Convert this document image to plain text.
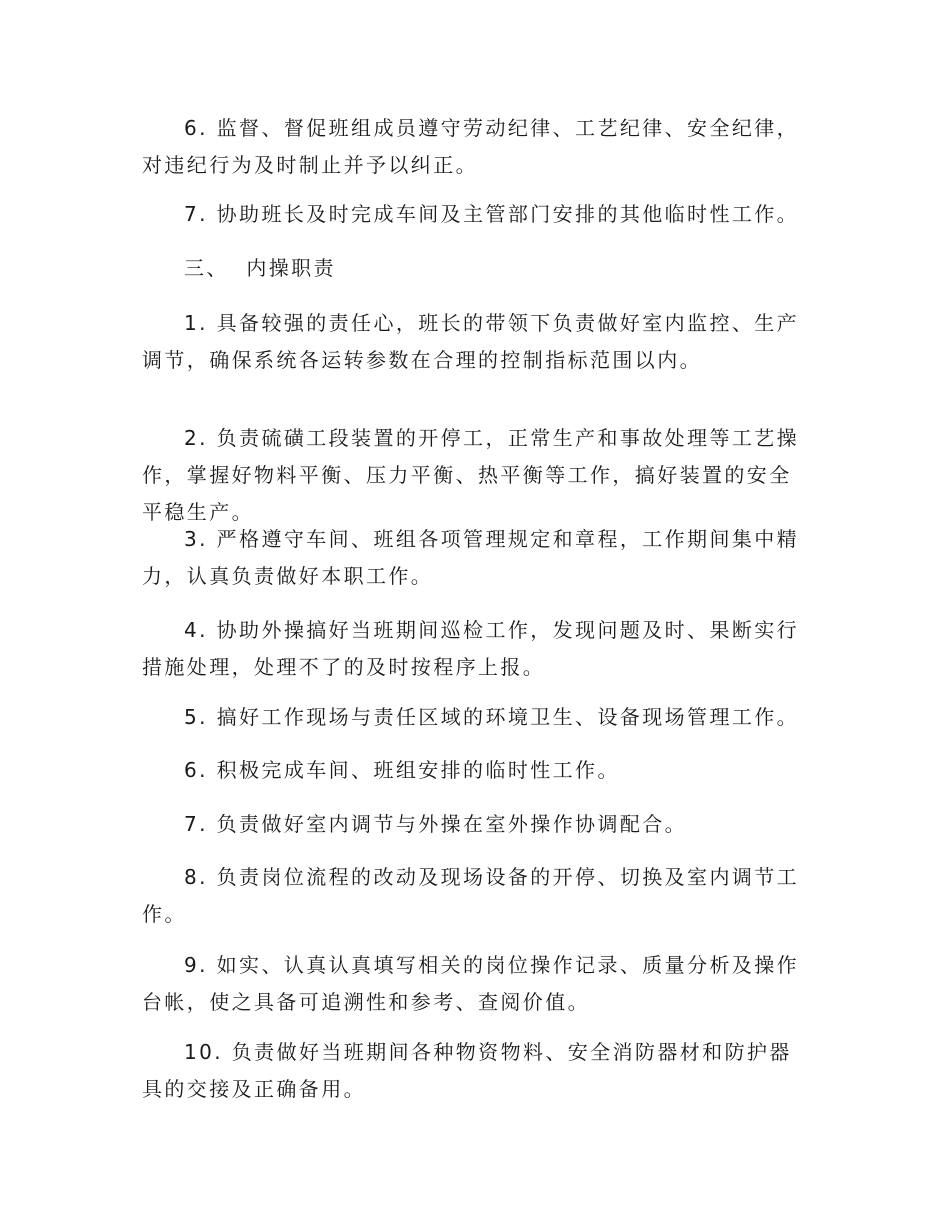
6. 监督、督促班组成员遵守劳动纪律、工艺纪律、安全纪律，对违纪行为及时制止并予以纠正。

7. 协助班长及时完成车间及主管部门安排的其他临时性工作。

三、  内操职责

1. 具备较强的责任心，班长的带领下负责做好室内监控、生产调节，确保系统各运转参数在合理的控制指标范围以内。

2. 负责硫磺工段装置的开停工，正常生产和事故处理等工艺操作，掌握好物料平衡、压力平衡、热平衡等工作，搞好装置的安全平稳生产。

3. 严格遵守车间、班组各项管理规定和章程，工作期间集中精力，认真负责做好本职工作。

4. 协助外操搞好当班期间巡检工作，发现问题及时、果断实行措施处理，处理不了的及时按程序上报。

5. 搞好工作现场与责任区域的环境卫生、设备现场管理工作。

6. 积极完成车间、班组安排的临时性工作。

7. 负责做好室内调节与外操在室外操作协调配合。

8. 负责岗位流程的改动及现场设备的开停、切换及室内调节工作。

9. 如实、认真认真填写相关的岗位操作记录、质量分析及操作台帐，使之具备可追溯性和参考、查阅价值。

10. 负责做好当班期间各种物资物料、安全消防器材和防护器具的交接及正确备用。
